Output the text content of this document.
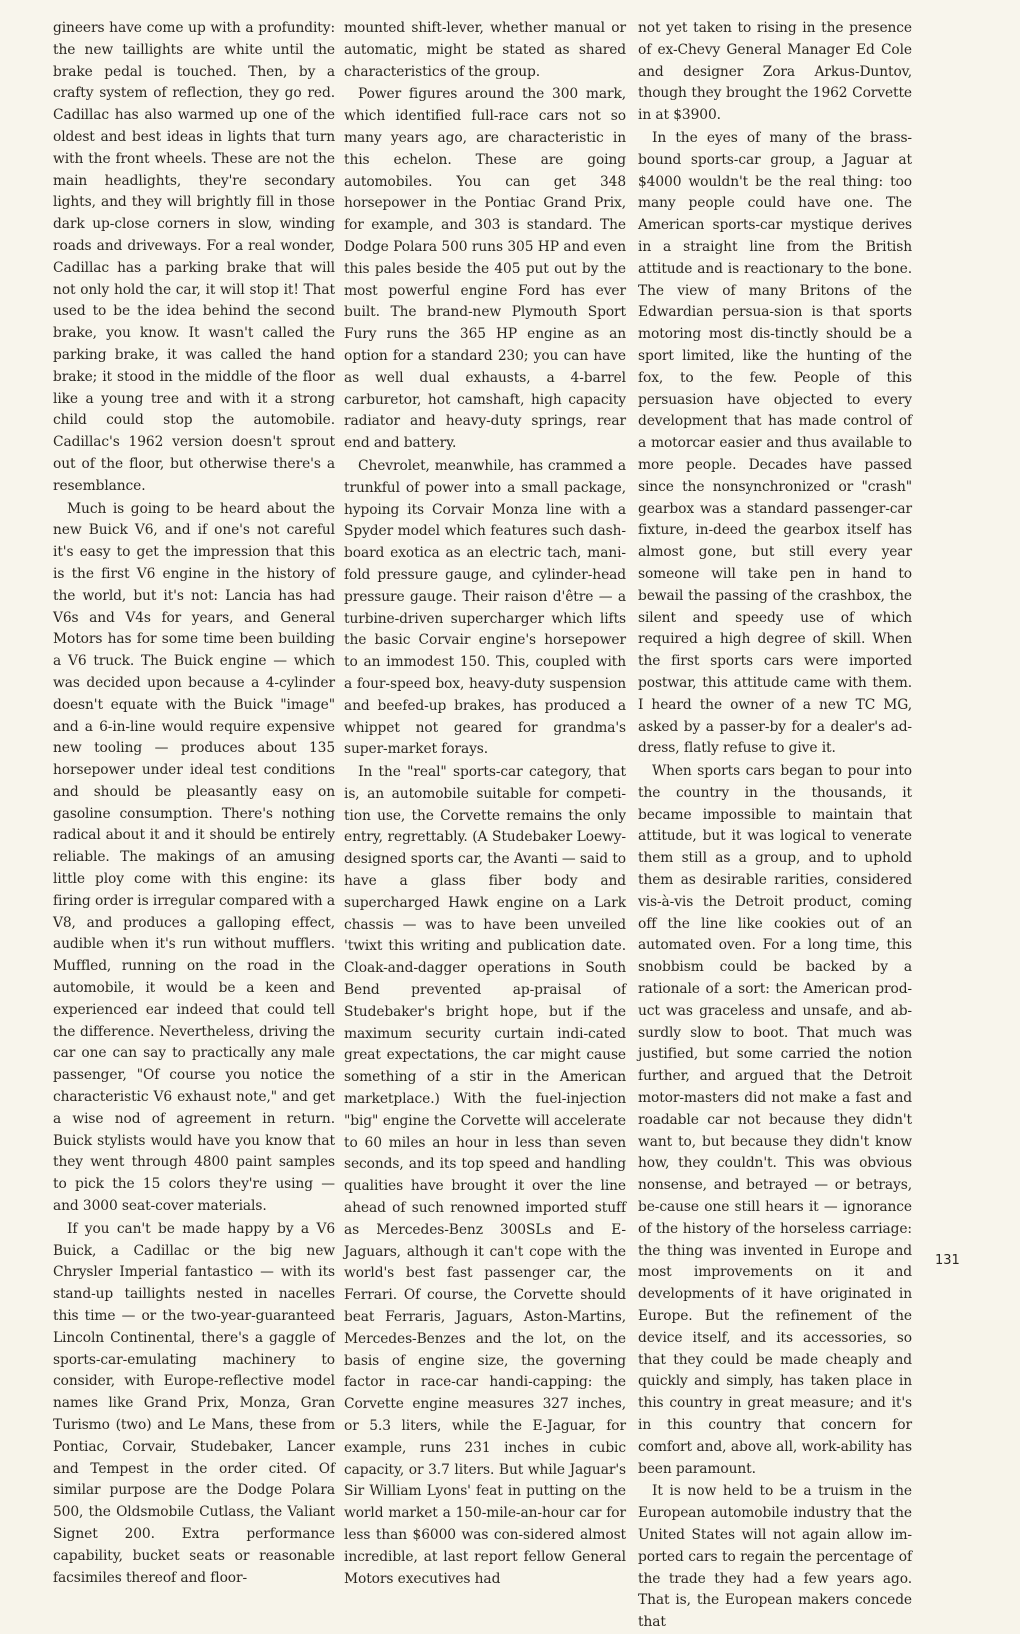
gineers have come up with a profundity: the new taillights are white until the brake pedal is touched. Then, by a crafty system of reflection, they go red. Cadillac has also warmed up one of the oldest and best ideas in lights that turn with the front wheels. These are not the main headlights, they're secondary lights, and they will brightly fill in those dark up-close corners in slow, winding roads and driveways. For a real wonder, Cadillac has a parking brake that will not only hold the car, it will stop it! That used to be the idea behind the second brake, you know. It wasn't called the parking brake, it was called the hand brake; it stood in the middle of the floor like a young tree and with it a strong child could stop the automobile. Cadillac's 1962 version doesn't sprout out of the floor, but otherwise there's a resemblance.

Much is going to be heard about the new Buick V6, and if one's not careful it's easy to get the impression that this is the first V6 engine in the history of the world, but it's not: Lancia has had V6s and V4s for years, and General Motors has for some time been building a V6 truck. The Buick engine — which was decided upon because a 4-cylinder doesn't equate with the Buick "image" and a 6-in-line would require expensive new tooling — produces about 135 horsepower under ideal test conditions and should be pleasantly easy on gasoline consumption. There's nothing radical about it and it should be entirely reliable. The makings of an amusing little ploy come with this engine: its firing order is irregular compared with a V8, and produces a galloping effect, audible when it's run without mufflers. Muffled, running on the road in the automobile, it would be a keen and experienced ear indeed that could tell the difference. Nevertheless, driving the car one can say to practically any male passenger, "Of course you notice the characteristic V6 exhaust note," and get a wise nod of agreement in return. Buick stylists would have you know that they went through 4800 paint samples to pick the 15 colors they're using — and 3000 seat-cover materials.

If you can't be made happy by a V6 Buick, a Cadillac or the big new Chrysler Imperial fantastico — with its stand-up taillights nested in nacelles this time — or the two-year-guaranteed Lincoln Continental, there's a gaggle of sports-car-emulating machinery to consider, with Europe-reflective model names like Grand Prix, Monza, Gran Turismo (two) and Le Mans, these from Pontiac, Corvair, Studebaker, Lancer and Tempest in the order cited. Of similar purpose are the Dodge Polara 500, the Oldsmobile Cutlass, the Valiant Signet 200. Extra performance capability, bucket seats or reasonable facsimiles thereof and floor-

mounted shift-lever, whether manual or automatic, might be stated as shared characteristics of the group.

Power figures around the 300 mark, which identified full-race cars not so many years ago, are characteristic in this echelon. These are going automobiles. You can get 348 horsepower in the Pontiac Grand Prix, for example, and 303 is standard. The Dodge Polara 500 runs 305 HP and even this pales beside the 405 put out by the most powerful engine Ford has ever built. The brand-new Plymouth Sport Fury runs the 365 HP engine as an option for a standard 230; you can have as well dual exhausts, a 4-barrel carburetor, hot camshaft, high capacity radiator and heavy-duty springs, rear end and battery.

Chevrolet, meanwhile, has crammed a trunkful of power into a small package, hypoing its Corvair Monza line with a Spyder model which features such dash-board exotica as an electric tach, mani-fold pressure gauge, and cylinder-head pressure gauge. Their raison d'être — a turbine-driven supercharger which lifts the basic Corvair engine's horsepower to an immodest 150. This, coupled with a four-speed box, heavy-duty suspension and beefed-up brakes, has produced a whippet not geared for grandma's super-market forays.

In the "real" sports-car category, that is, an automobile suitable for competi-tion use, the Corvette remains the only entry, regrettably. (A Studebaker Loewy-designed sports car, the Avanti — said to have a glass fiber body and supercharged Hawk engine on a Lark chassis — was to have been unveiled 'twixt this writing and publication date. Cloak-and-dagger operations in South Bend prevented ap-praisal of Studebaker's bright hope, but if the maximum security curtain indi-cated great expectations, the car might cause something of a stir in the American marketplace.) With the fuel-injection "big" engine the Corvette will accelerate to 60 miles an hour in less than seven seconds, and its top speed and handling qualities have brought it over the line ahead of such renowned imported stuff as Mercedes-Benz 300SLs and E-Jaguars, although it can't cope with the world's best fast passenger car, the Ferrari. Of course, the Corvette should beat Ferraris, Jaguars, Aston-Martins, Mercedes-Benzes and the lot, on the basis of engine size, the governing factor in race-car handi-capping: the Corvette engine measures 327 inches, or 5.3 liters, while the E-Jaguar, for example, runs 231 inches in cubic capacity, or 3.7 liters. But while Jaguar's Sir William Lyons' feat in putting on the world market a 150-mile-an-hour car for less than $6000 was con-sidered almost incredible, at last report fellow General Motors executives had

not yet taken to rising in the presence of ex-Chevy General Manager Ed Cole and designer Zora Arkus-Duntov, though they brought the 1962 Corvette in at $3900.

In the eyes of many of the brass-bound sports-car group, a Jaguar at $4000 wouldn't be the real thing: too many people could have one. The American sports-car mystique derives in a straight line from the British attitude and is reactionary to the bone. The view of many Britons of the Edwardian persua-sion is that sports motoring most dis-tinctly should be a sport limited, like the hunting of the fox, to the few. People of this persuasion have objected to every development that has made control of a motorcar easier and thus available to more people. Decades have passed since the nonsynchronized or "crash" gearbox was a standard passenger-car fixture, in-deed the gearbox itself has almost gone, but still every year someone will take pen in hand to bewail the passing of the crashbox, the silent and speedy use of which required a high degree of skill. When the first sports cars were imported postwar, this attitude came with them. I heard the owner of a new TC MG, asked by a passer-by for a dealer's ad-dress, flatly refuse to give it.

When sports cars began to pour into the country in the thousands, it became impossible to maintain that attitude, but it was logical to venerate them still as a group, and to uphold them as desirable rarities, considered vis-à-vis the Detroit product, coming off the line like cookies out of an automated oven. For a long time, this snobbism could be backed by a rationale of a sort: the American prod-uct was graceless and unsafe, and ab-surdly slow to boot. That much was justified, but some carried the notion further, and argued that the Detroit motor-masters did not make a fast and roadable car not because they didn't want to, but because they didn't know how, they couldn't. This was obvious nonsense, and betrayed — or betrays, be-cause one still hears it — ignorance of the history of the horseless carriage: the thing was invented in Europe and most improvements on it and developments of it have originated in Europe. But the refinement of the device itself, and its accessories, so that they could be made cheaply and quickly and simply, has taken place in this country in great measure; and it's in this country that concern for comfort and, above all, work-ability has been paramount.

It is now held to be a truism in the European automobile industry that the United States will not again allow im-ported cars to regain the percentage of the trade they had a few years ago. That is, the European makers concede that

131
